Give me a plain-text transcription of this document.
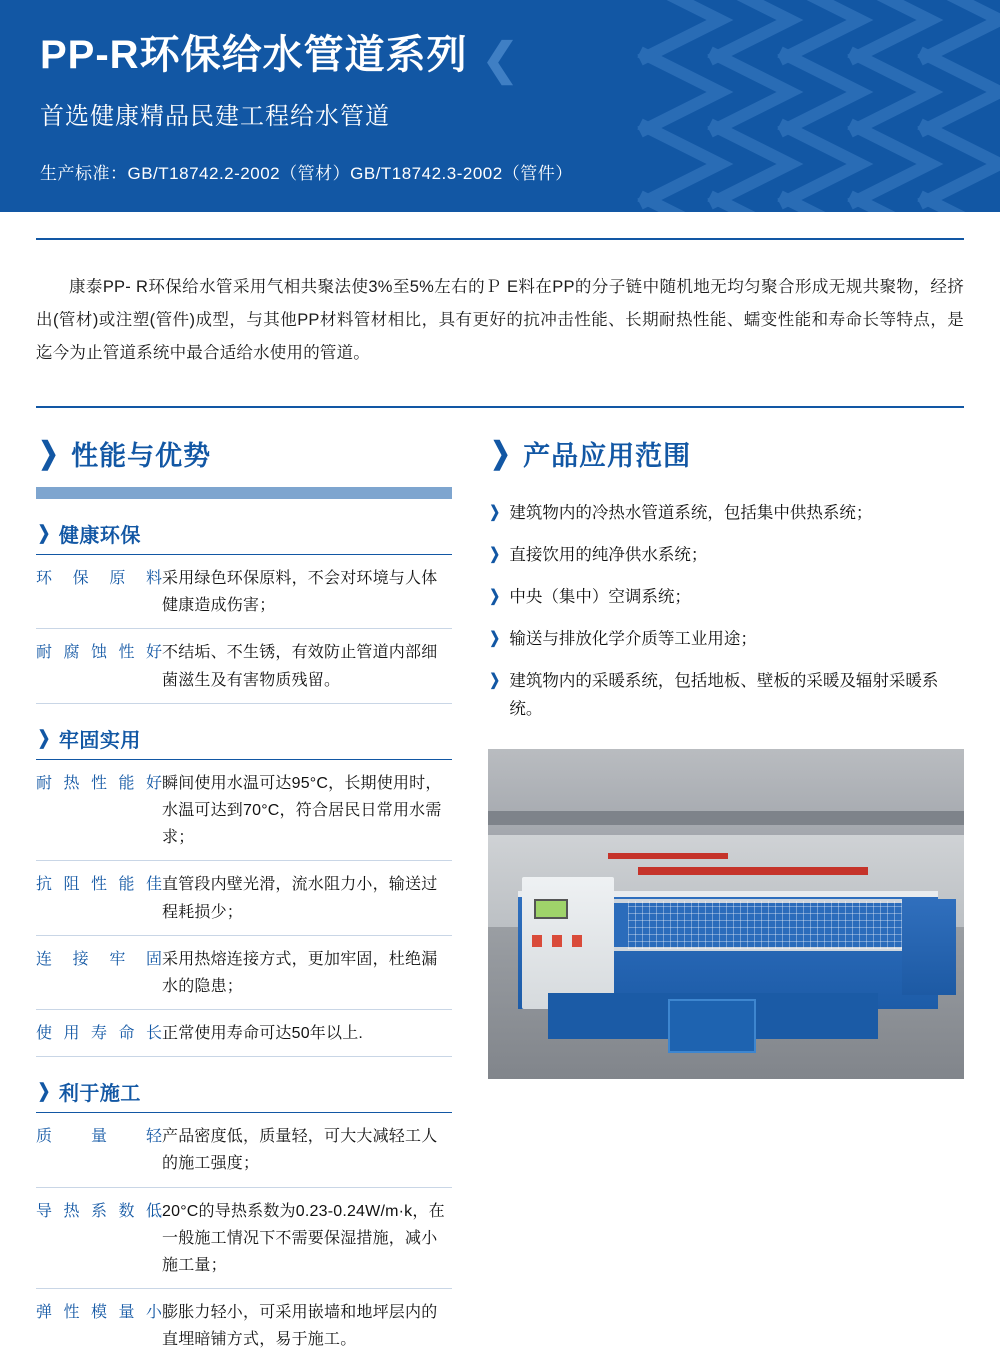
PP-R环保给水管道系列 ❮
首选健康精品民建工程给水管道
生产标准：GB/T18742.2-2002（管材）GB/T18742.3-2002（管件）

康泰PP- R环保给水管采用气相共聚法使3%至5%左右的Ｐ E料在PP的分子链中随机地无均匀聚合形成无规共聚物，经挤出(管材)或注塑(管件)成型，与其他PP材料管材相比，具有更好的抗冲击性能、长期耐热性能、蠕变性能和寿命长等特点，是迄今为止管道系统中最合适给水使用的管道。

❯ 性能与优势
❯ 健康环保
环 保 原 料 采用绿色环保原料，不会对环境与人体健康造成伤害；
耐 腐 蚀 性 好 不结垢、不生锈，有效防止管道内部细菌滋生及有害物质残留。
❯ 牢固实用
耐 热 性 能 好 瞬间使用水温可达95°C，长期使用时，水温可达到70°C，符合居民日常用水需求；
抗 阻 性 能 佳 直管段内壁光滑，流水阻力小，输送过程耗损少；
连 接 牢 固 采用热熔连接方式，更加牢固，杜绝漏水的隐患；
使 用 寿 命 长 正常使用寿命可达50年以上.
❯ 利于施工
质 量 轻 产品密度低，质量轻，可大大减轻工人的施工强度；
导 热 系 数 低 20°C的导热系数为0.23-0.24W/m·k，在一般施工情况下不需要保湿措施，减小施工量；
弹 性 模 量 小 膨胀力轻小，可采用嵌墙和地坪层内的直埋暗铺方式，易于施工。
❯ 产品应用范围
❯ 建筑物内的冷热水管道系统，包括集中供热系统；
❯ 直接饮用的纯净供水系统；
❯ 中央（集中）空调系统；
❯ 输送与排放化学介质等工业用途；
❯ 建筑物内的采暖系统，包括地板、壁板的采暖及辐射采暖系统。
